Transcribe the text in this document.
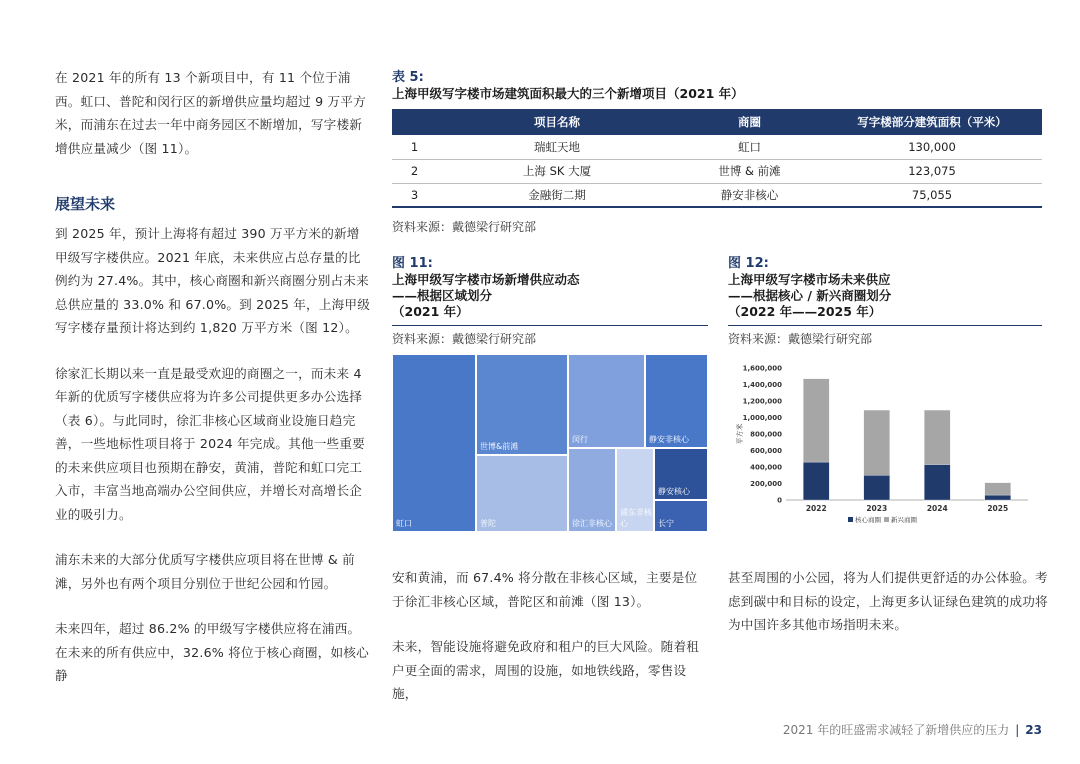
在 2021 年的所有 13 个新项目中，有 11 个位于浦西。虹口、普陀和闵行区的新增供应量均超过 9 万平方米，而浦东在过去一年中商务园区不断增加，写字楼新增供应量减少（图 11）。

展望未来

到 2025 年，预计上海将有超过 390 万平方米的新增甲级写字楼供应。2021 年底，未来供应占总存量的比例约为 27.4%。其中，核心商圈和新兴商圈分别占未来总供应量的 33.0% 和 67.0%。到 2025 年，上海甲级写字楼存量预计将达到约 1,820 万平方米（图 12）。

徐家汇长期以来一直是最受欢迎的商圈之一，而未来 4 年新的优质写字楼供应将为许多公司提供更多办公选择（表 6）。与此同时，徐汇非核心区域商业设施日趋完善，一些地标性项目将于 2024 年完成。其他一些重要的未来供应项目也预期在静安，黄浦，普陀和虹口完工入市，丰富当地高端办公空间供应，并增长对高增长企业的吸引力。

浦东未来的大部分优质写字楼供应项目将在世博 & 前滩，另外也有两个项目分别位于世纪公园和竹园。

未来四年，超过 86.2% 的甲级写字楼供应将在浦西。在未来的所有供应中，32.6% 将位于核心商圈，如核心静

表 5:
上海甲级写字楼市场建筑面积最大的三个新增项目（2021 年）
	项目名称	商圈	写字楼部分建筑面积（平米）
1	瑞虹天地	虹口	130,000
2	上海 SK 大厦	世博 & 前滩	123,075
3	金融街二期	静安非核心	75,055
资料来源：戴德梁行研究部
图 11:
上海甲级写字楼市场新增供应动态
——根据区域划分
（2021 年）
资料来源：戴德梁行研究部
虹口
世博&前滩
普陀
闵行	静安非核心
徐汇非核心
浦东非核心
静安核心
长宁
图 12:
上海甲级写字楼市场未来供应
——根据核心 / 新兴商圈划分
（2022 年——2025 年）
资料来源：戴德梁行研究部
0
200,000
400,000
600,000
800,000
1,000,000
1,200,000
1,400,000
1,600,000
平方米
2022	2023	2024	2025
核心商圈 新兴商圈

安和黄浦，而 67.4% 将分散在非核心区域，主要是位于徐汇非核心区域，普陀区和前滩（图 13）。

未来，智能设施将避免政府和租户的巨大风险。随着租户更全面的需求，周围的设施，如地铁线路，零售设施，

甚至周围的小公园，将为人们提供更舒适的办公体验。考虑到碳中和目标的设定，上海更多认证绿色建筑的成功将为中国许多其他市场指明未来。

2021 年的旺盛需求减轻了新增供应的压力 | 23
